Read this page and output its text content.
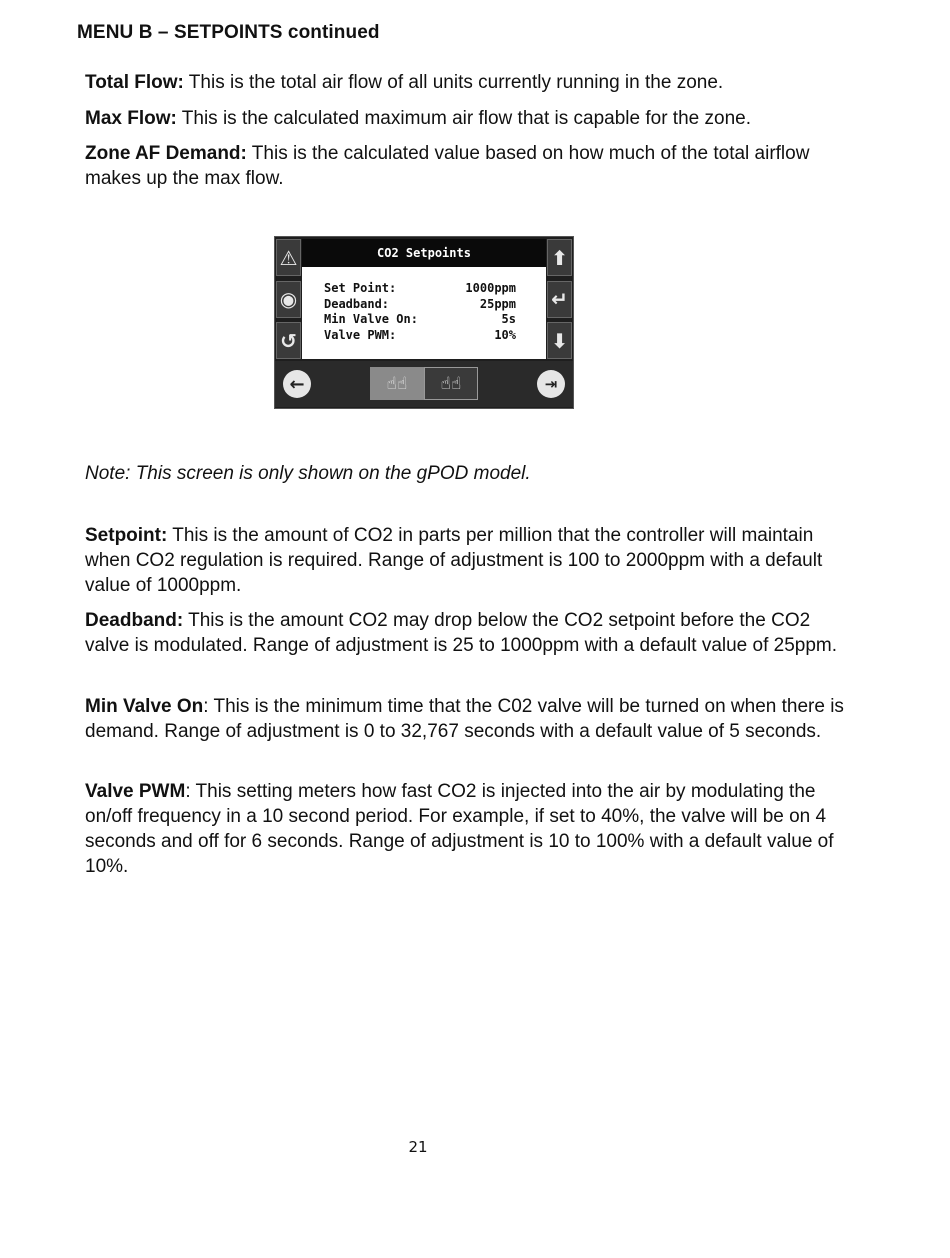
MENU B – SETPOINTS continued

Total Flow: This is the total air flow of all units currently running in the zone.

Max Flow: This is the calculated maximum air flow that is capable for the zone.

Zone AF Demand: This is the calculated value based on how much of the total airflow makes up the max flow.

⚠
◉
↺
CO2 Setpoints
Set Point:	1000ppm
Deadband:	25ppm
Min Valve On:	5s
Valve PWM:	10%
⬆
↵
⬇
←	☝☝	☝☝	⇥

Note: This screen is only shown on the gPOD model.

Setpoint: This is the amount of CO2 in parts per million that the controller will maintain when CO2 regulation is required. Range of adjustment is 100 to 2000ppm with a default value of 1000ppm.

Deadband: This is the amount CO2 may drop below the CO2 setpoint before the CO2 valve is modulated. Range of adjustment is 25 to 1000ppm with a default value of 25ppm.

Min Valve On: This is the minimum time that the C02 valve will be turned on when there is demand. Range of adjustment is 0 to 32,767 seconds with a default value of 5 seconds.

Valve PWM: This setting meters how fast CO2 is injected into the air by modulating the on/off frequency in a 10 second period. For example, if set to 40%, the valve will be on 4 seconds and off for 6 seconds. Range of adjustment is 10 to 100% with a default value of 10%.

21
